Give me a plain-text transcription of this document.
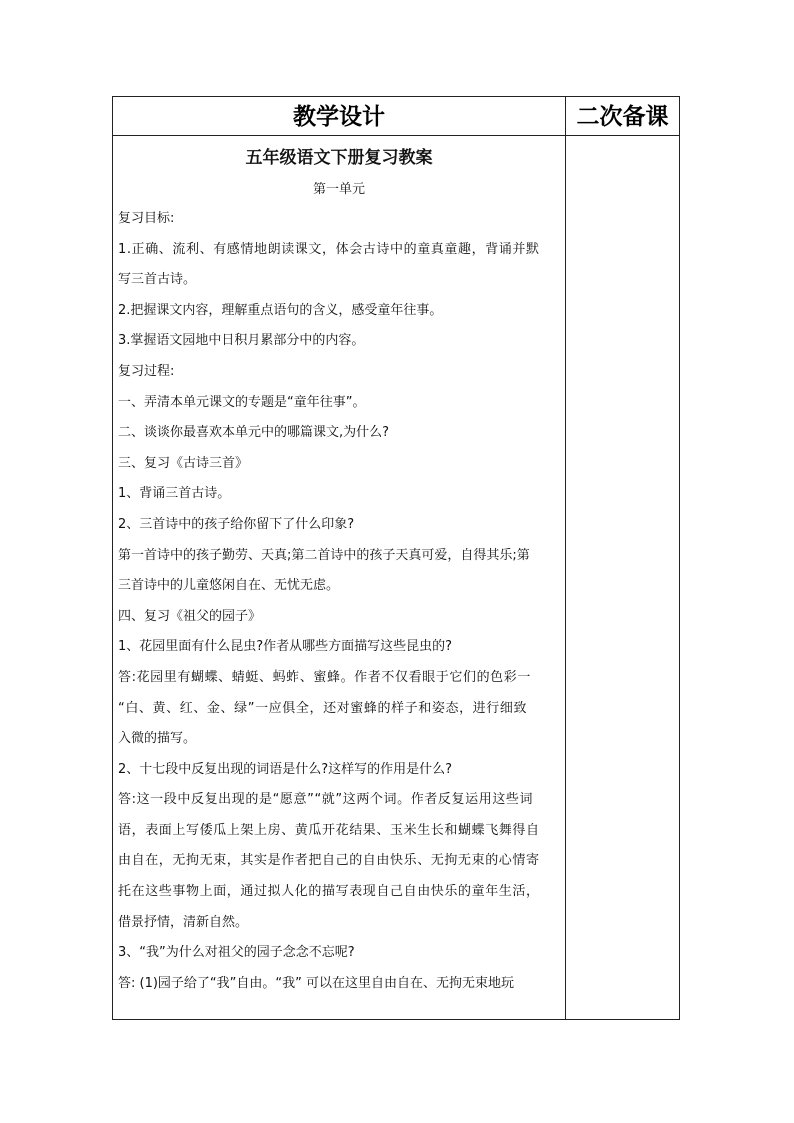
教学设计	二次备课
五年级语文下册复习教案
第一单元
复习目标:
1.正确、流利、有感情地朗读课文，体会古诗中的童真童趣，背诵并默
写三首古诗。
2.把握课文内容，理解重点语句的含义，感受童年往事。
3.掌握语文园地中日积月累部分中的内容。
复习过程:
一、弄清本单元课文的专题是“童年往事”。
二、谈谈你最喜欢本单元中的哪篇课文,为什么?
三、复习《古诗三首》
1、背诵三首古诗。
2、三首诗中的孩子给你留下了什么印象?
第一首诗中的孩子勤劳、天真;第二首诗中的孩子天真可爱，自得其乐;第
三首诗中的儿童悠闲自在、无忧无虑。
四、复习《祖父的园子》
1、花园里面有什么昆虫?作者从哪些方面描写这些昆虫的?
答:花园里有蝴蝶、蜻蜓、蚂蚱、蜜蜂。作者不仅看眼于它们的色彩一
“白、黄、红、金、绿”一应俱全，还对蜜蜂的样子和姿态，进行细致
入微的描写。
2、十七段中反复出现的词语是什么?这样写的作用是什么?
答:这一段中反复出现的是“愿意”“就”这两个词。作者反复运用这些词
语，表面上写倭瓜上架上房、黄瓜开花结果、玉米生长和蝴蝶飞舞得自
由自在，无拘无束，其实是作者把自己的自由快乐、无拘无束的心情寄
托在这些事物上面，通过拟人化的描写表现自己自由快乐的童年生活，
借景抒情，清新自然。
3、“我”为什么对祖父的园子念念不忘呢?
答: (1)园子给了“我”自由。“我” 可以在这里自由自在、无拘无束地玩
